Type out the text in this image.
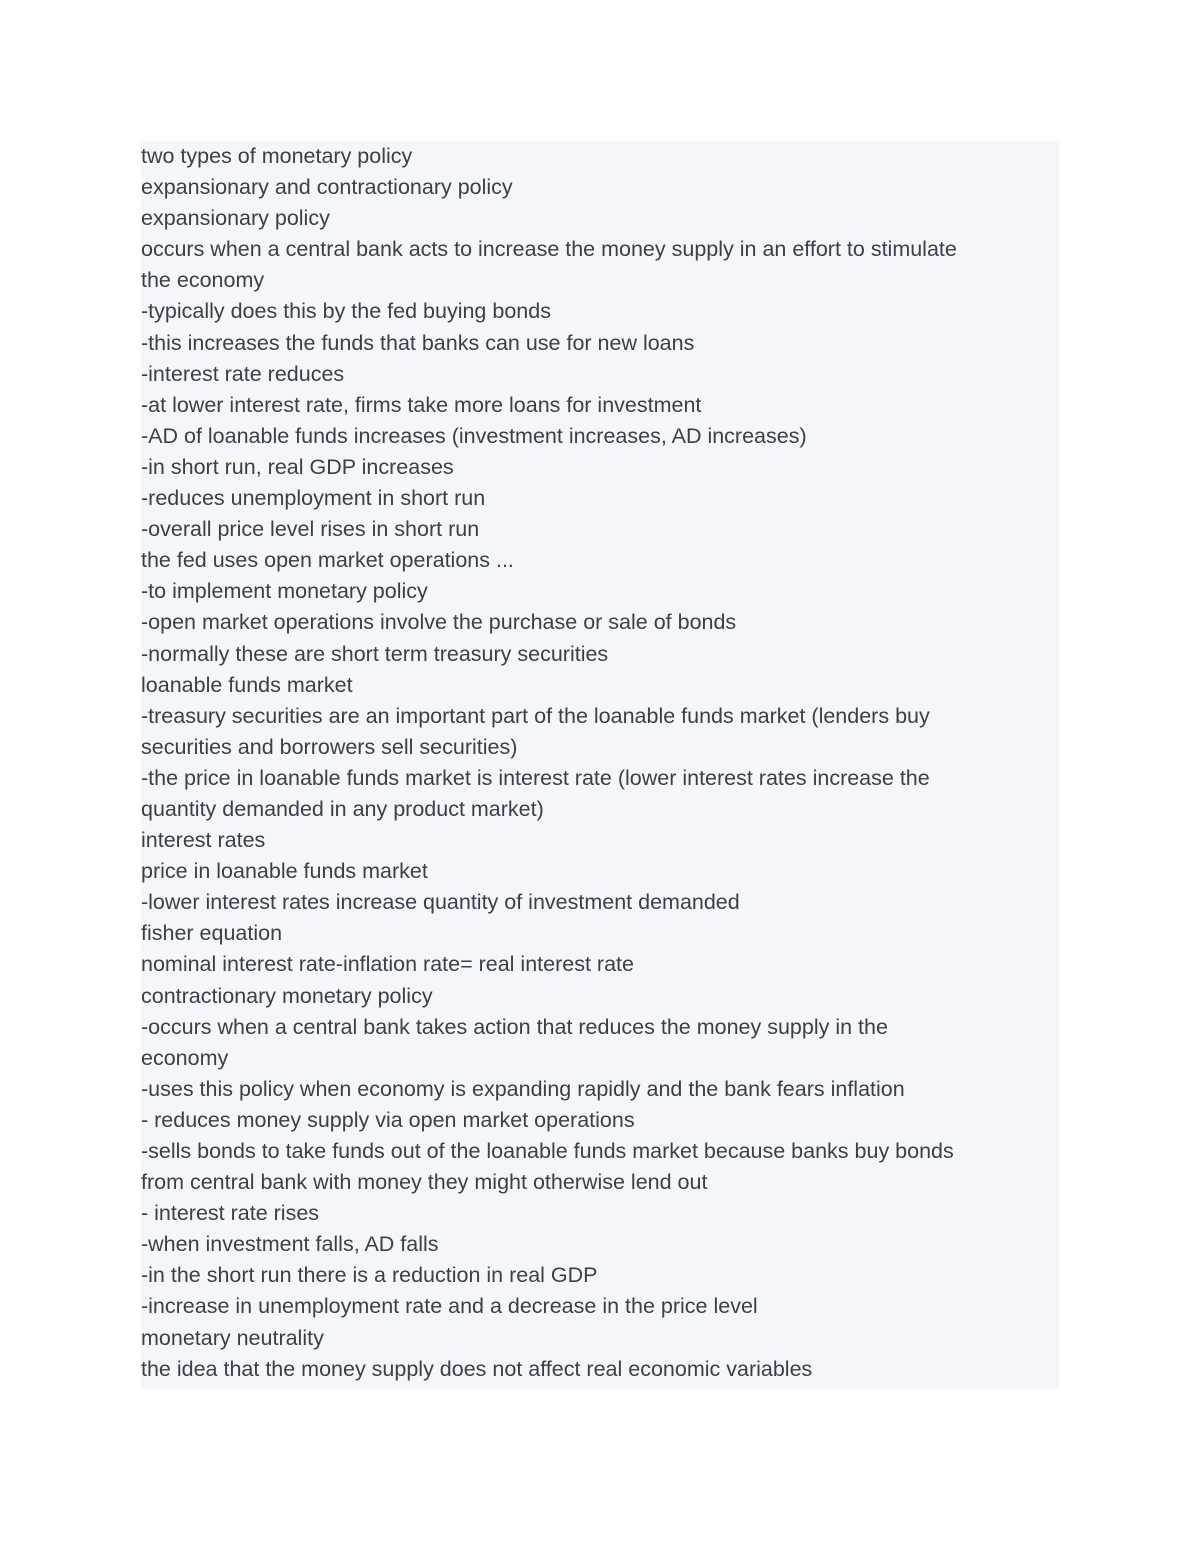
two types of monetary policy
expansionary and contractionary policy
expansionary policy
occurs when a central bank acts to increase the money supply in an effort to stimulate
the economy
-typically does this by the fed buying bonds
-this increases the funds that banks can use for new loans
-interest rate reduces
-at lower interest rate, firms take more loans for investment
-AD of loanable funds increases (investment increases, AD increases)
-in short run, real GDP increases
-reduces unemployment in short run
-overall price level rises in short run
the fed uses open market operations ...
-to implement monetary policy
-open market operations involve the purchase or sale of bonds
-normally these are short term treasury securities
loanable funds market
-treasury securities are an important part of the loanable funds market (lenders buy
securities and borrowers sell securities)
-the price in loanable funds market is interest rate (lower interest rates increase the
quantity demanded in any product market)
interest rates
price in loanable funds market
-lower interest rates increase quantity of investment demanded
fisher equation
nominal interest rate-inflation rate= real interest rate
contractionary monetary policy
-occurs when a central bank takes action that reduces the money supply in the
economy
-uses this policy when economy is expanding rapidly and the bank fears inflation
- reduces money supply via open market operations
-sells bonds to take funds out of the loanable funds market because banks buy bonds
from central bank with money they might otherwise lend out
- interest rate rises
-when investment falls, AD falls
-in the short run there is a reduction in real GDP
-increase in unemployment rate and a decrease in the price level
monetary neutrality
the idea that the money supply does not affect real economic variables
